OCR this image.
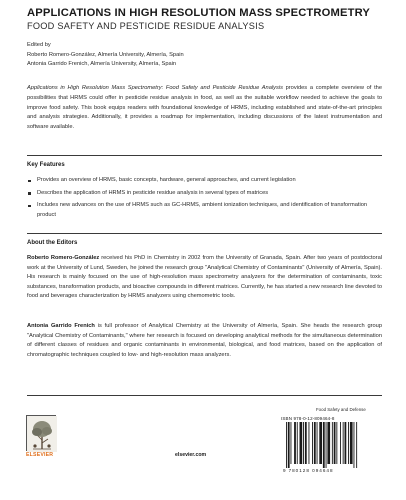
APPLICATIONS IN HIGH RESOLUTION MASS SPECTROMETRY
FOOD SAFETY AND PESTICIDE RESIDUE ANALYSIS
Edited by
Roberto Romero-González, Almería University, Almería, Spain
Antonia Garrido Frenich, Almería University, Almería, Spain
Applications in High Resolution Mass Spectrometry: Food Safety and Pesticide Residue Analysis provides a complete overview of the possibilities that HRMS could offer in pesticide residue analysis in food, as well as the suitable workflow needed to achieve the goals to improve food safety. This book equips readers with foundational knowledge of HRMS, including established and state-of-the-art principles and analysis strategies. Additionally, it provides a roadmap for implementation, including discussions of the latest instrumentation and software available.
Key Features
Provides an overview of HRMS, basic concepts, hardware, general approaches, and current legislation
Describes the application of HRMS in pesticide residue analysis in several types of matrices
Includes new advances on the use of HRMS such as GC-HRMS, ambient ionization techniques, and identification of transformation product
About the Editors
Roberto Romero-González received his PhD in Chemistry in 2002 from the University of Granada, Spain. After two years of postdoctoral work at the University of Lund, Sweden, he joined the research group "Analytical Chemistry of Contaminants" (University of Almería, Spain). His research is mainly focused on the use of high-resolution mass spectrometry analyzers for the determination of contaminants, toxic substances, transformation products, and bioactive compounds in different matrices. Currently, he has started a new research line devoted to food and beverages characterization by HRMS analyzers using chemometric tools.
Antonia Garrido Frenich is full professor of Analytical Chemistry at the University of Almería, Spain. She heads the research group "Analytical Chemistry of Contaminants," where her research is focused on developing analytical methods for the simultaneous determination of different classes of residues and organic contaminants in environmental, biological, and food matrices, based on the application of chromatographic techniques coupled to low- and high-resolution mass analyzers.
Food Safety and Defense
ELSEVIER	elsevier.com
ISBN 978-0-12-809464-8
9 780128 094648
